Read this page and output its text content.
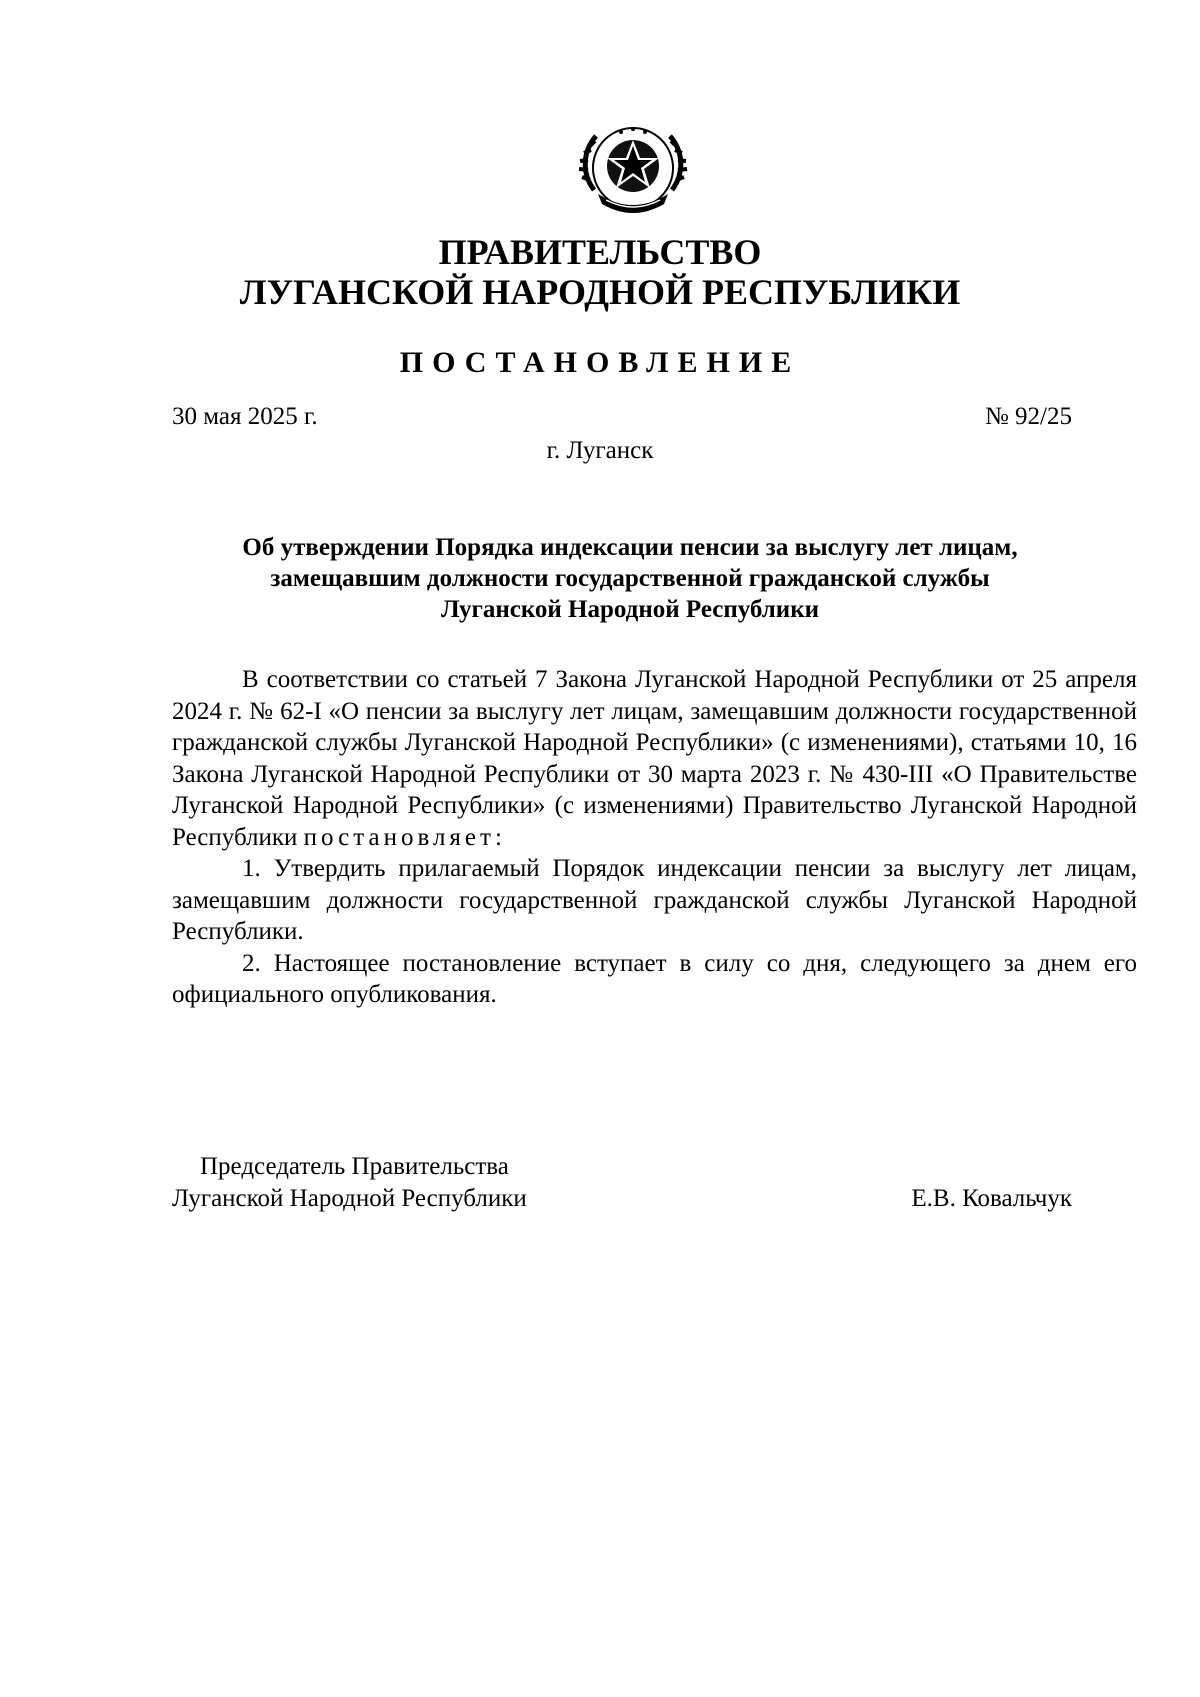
ПРАВИТЕЛЬСТВО
ЛУГАНСКОЙ НАРОДНОЙ РЕСПУБЛИКИ
ПОСТАНОВЛЕНИЕ
30 мая 2025 г.	№ 92/25
г. Луганск
Об утверждении Порядка индексации пенсии за выслугу лет лицам,
замещавшим должности государственной гражданской службы
Луганской Народной Республики

В соответствии со статьей 7 Закона Луганской Народной Республики от 25 апреля 2024 г. № 62-I «О пенсии за выслугу лет лицам, замещавшим должности государственной гражданской службы Луганской Народной Республики» (с изменениями), статьями 10, 16 Закона Луганской Народной Республики от 30 марта 2023 г. № 430-III «О Правительстве Луганской Народной Республики» (с изменениями) Правительство Луганской Народной Республики постановляет:

1. Утвердить прилагаемый Порядок индексации пенсии за выслугу лет лицам, замещавшим должности государственной гражданской службы Луганской Народной Республики.

2. Настоящее постановление вступает в силу со дня, следующего за днем его официального опубликования.

Председатель Правительства
Луганской Народной Республики	Е.В. Ковальчук
